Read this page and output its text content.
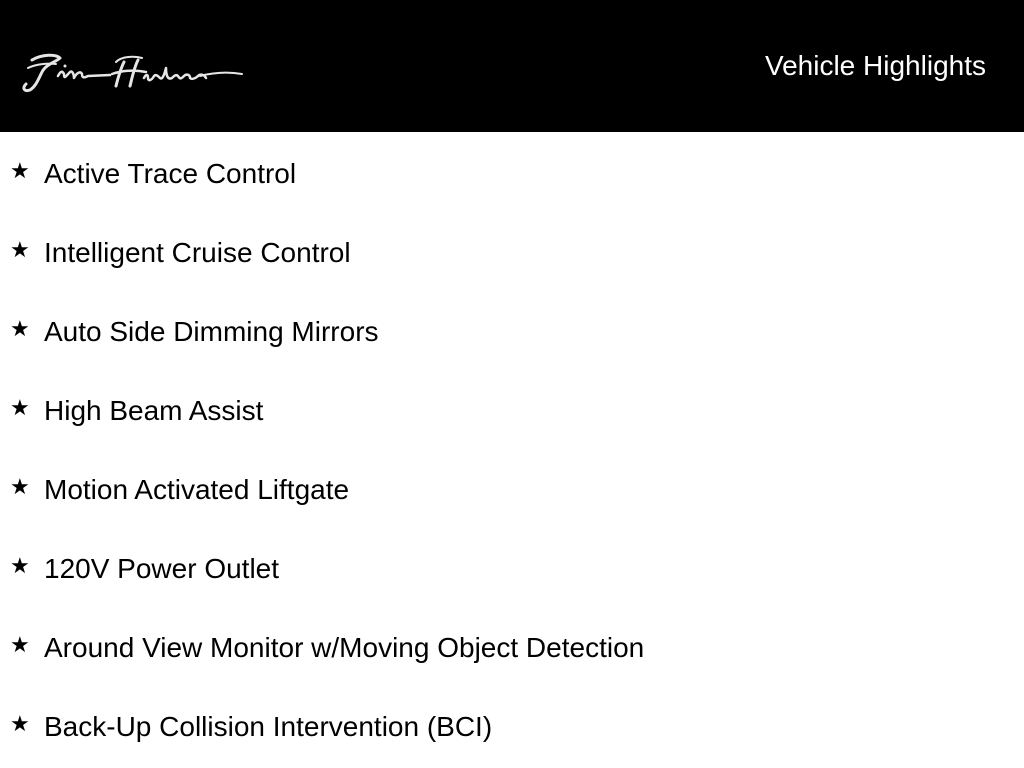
Vehicle Highlights
★ Active Trace Control
★ Intelligent Cruise Control
★ Auto Side Dimming Mirrors
★ High Beam Assist
★ Motion Activated Liftgate
★ 120V Power Outlet
★ Around View Monitor w/Moving Object Detection
★ Back-Up Collision Intervention (BCI)
